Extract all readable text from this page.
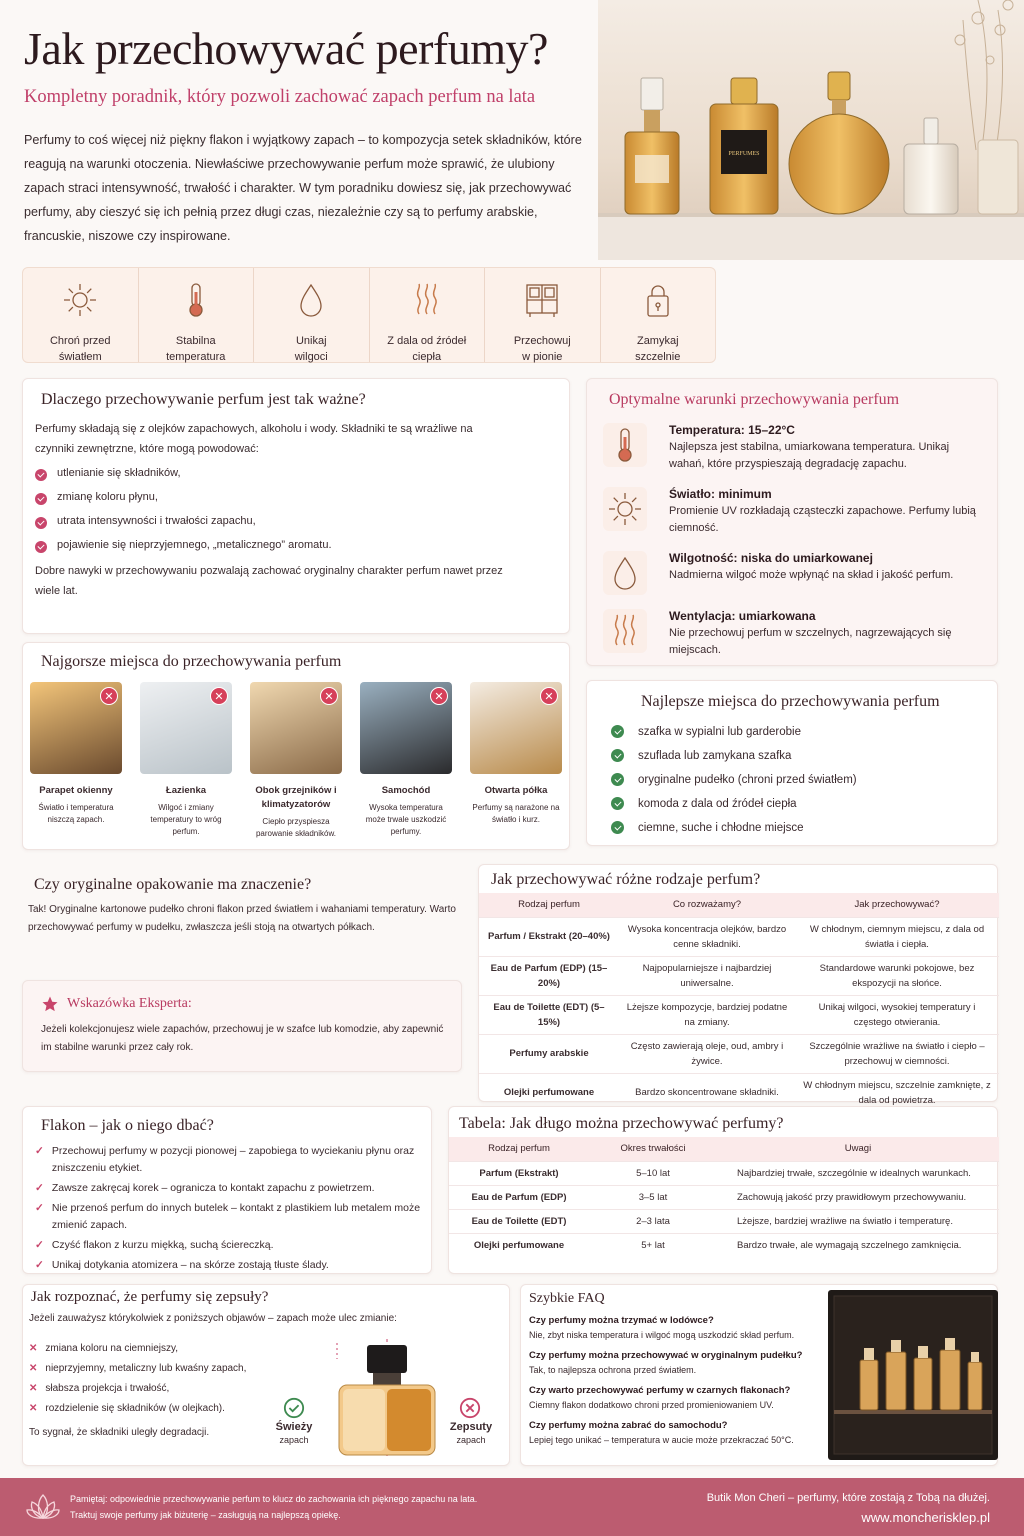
Jak przechowywać perfumy?
Kompletny poradnik, który pozwoli zachować zapach perfum na lata
Perfumy to coś więcej niż piękny flakon i wyjątkowy zapach – to kompozycja setek składników, które reagują na warunki otoczenia. Niewłaściwe przechowywanie perfum może sprawić, że ulubiony zapach straci intensywność, trwałość i charakter. W tym poradniku dowiesz się, jak przechowywać perfumy, aby cieszyć się ich pełnią przez długi czas, niezależnie czy są to perfumy arabskie, francuskie, niszowe czy inspirowane.
PERFUMES
Chroń przed
światłem
Stabilna
temperatura
Unikaj
wilgoci
Z dala od źródeł
ciepła
Przechowuj
w pionie
Zamykaj
szczelnie
Dlaczego przechowywanie perfum jest tak ważne?
Perfumy składają się z olejków zapachowych, alkoholu i wody. Składniki te są wrażliwe na czynniki zewnętrzne, które mogą powodować:
utlenianie się składników,
zmianę koloru płynu,
utrata intensywności i trwałości zapachu,
pojawienie się nieprzyjemnego, „metalicznego” aromatu.
Dobre nawyki w przechowywaniu pozwalają zachować oryginalny charakter perfum nawet przez wiele lat.
Optymalne warunki przechowywania perfum
Temperatura: 15–22°C
Najlepsza jest stabilna, umiarkowana temperatura. Unikaj wahań, które przyspieszają degradację zapachu.
Światło: minimum
Promienie UV rozkładają cząsteczki zapachowe. Perfumy lubią ciemność.
Wilgotność: niska do umiarkowanej
Nadmierna wilgoć może wpłynąć na skład i jakość perfum.
Wentylacja: umiarkowana
Nie przechowuj perfum w szczelnych, nagrzewających się miejscach.
Najgorsze miejsca do przechowywania perfum
✕
Parapet okienny
Światło i temperatura niszczą zapach.
✕
Łazienka
Wilgoć i zmiany temperatury to wróg perfum.
✕
Obok grzejników i klimatyzatorów
Ciepło przyspiesza parowanie składników.
✕
Samochód
Wysoka temperatura może trwale uszkodzić perfumy.
✕
Otwarta półka
Perfumy są narażone na światło i kurz.
Najlepsze miejsca do przechowywania perfum
szafka w sypialni lub garderobie
szuflada lub zamykana szafka
oryginalne pudełko (chroni przed światłem)
komoda z dala od źródeł ciepła
ciemne, suche i chłodne miejsce
Czy oryginalne opakowanie ma znaczenie?
Tak! Oryginalne kartonowe pudełko chroni flakon przed światłem i wahaniami temperatury. Warto przechowywać perfumy w pudełku, zwłaszcza jeśli stoją na otwartych półkach.
Wskazówka Eksperta:
Jeżeli kolekcjonujesz wiele zapachów, przechowuj je w szafce lub komodzie, aby zapewnić im stabilne warunki przez cały rok.
Jak przechowywać różne rodzaje perfum?
Rodzaj perfum	Co rozważamy?	Jak przechowywać?
Parfum / Ekstrakt (20–40%)	Wysoka koncentracja olejków, bardzo cenne składniki.	W chłodnym, ciemnym miejscu, z dala od światła i ciepła.
Eau de Parfum (EDP) (15–20%)	Najpopularniejsze i najbardziej uniwersalne.	Standardowe warunki pokojowe, bez ekspozycji na słońce.
Eau de Toilette (EDT) (5–15%)	Lżejsze kompozycje, bardziej podatne na zmiany.	Unikaj wilgoci, wysokiej temperatury i częstego otwierania.
Perfumy arabskie	Często zawierają oleje, oud, ambry i żywice.	Szczególnie wrażliwe na światło i ciepło – przechowuj w ciemności.
Olejki perfumowane	Bardzo skoncentrowane składniki.	W chłodnym miejscu, szczelnie zamknięte, z dala od powietrza.
Flakon – jak o niego dbać?
✓ Przechowuj perfumy w pozycji pionowej – zapobiega to wyciekaniu płynu oraz zniszczeniu etykiet.
✓ Zawsze zakręcaj korek – ogranicza to kontakt zapachu z powietrzem.
✓ Nie przenoś perfum do innych butelek – kontakt z plastikiem lub metalem może zmienić zapach.
✓ Czyść flakon z kurzu miękką, suchą ściereczką.
✓ Unikaj dotykania atomizera – na skórze zostają tłuste ślady.
Tabela: Jak długo można przechowywać perfumy?
Rodzaj perfum	Okres trwałości	Uwagi
Parfum (Ekstrakt)	5–10 lat	Najbardziej trwałe, szczególnie w idealnych warunkach.
Eau de Parfum (EDP)	3–5 lat	Zachowują jakość przy prawidłowym przechowywaniu.
Eau de Toilette (EDT)	2–3 lata	Lżejsze, bardziej wrażliwe na światło i temperaturę.
Olejki perfumowane	5+ lat	Bardzo trwałe, ale wymagają szczelnego zamknięcia.
Jak rozpoznać, że perfumy się zepsuły?
Jeżeli zauważysz którykolwiek z poniższych objawów – zapach może ulec zmianie:
✕ zmiana koloru na ciemniejszy,
✕ nieprzyjemny, metaliczny lub kwaśny zapach,
✕ słabsza projekcja i trwałość,
✕ rozdzielenie się składników (w olejkach).
To sygnał, że składniki uległy degradacji.	Świeży
zapach
Zepsuty
zapach
Szybkie FAQ
Czy perfumy można trzymać w lodówce?
Nie, zbyt niska temperatura i wilgoć mogą uszkodzić skład perfum.
Czy perfumy można przechowywać w oryginalnym pudełku?
Tak, to najlepsza ochrona przed światłem.
Czy warto przechowywać perfumy w czarnych flakonach?
Ciemny flakon dodatkowo chroni przed promieniowaniem UV.
Czy perfumy można zabrać do samochodu?
Lepiej tego unikać – temperatura w aucie może przekraczać 50°C.
Pamiętaj: odpowiednie przechowywanie perfum to klucz do zachowania ich pięknego zapachu na lata.
Traktuj swoje perfumy jak biżuterię – zasługują na najlepszą opiekę.
Butik Mon Cheri – perfumy, które zostają z Tobą na dłużej.
www.moncherisklep.pl
